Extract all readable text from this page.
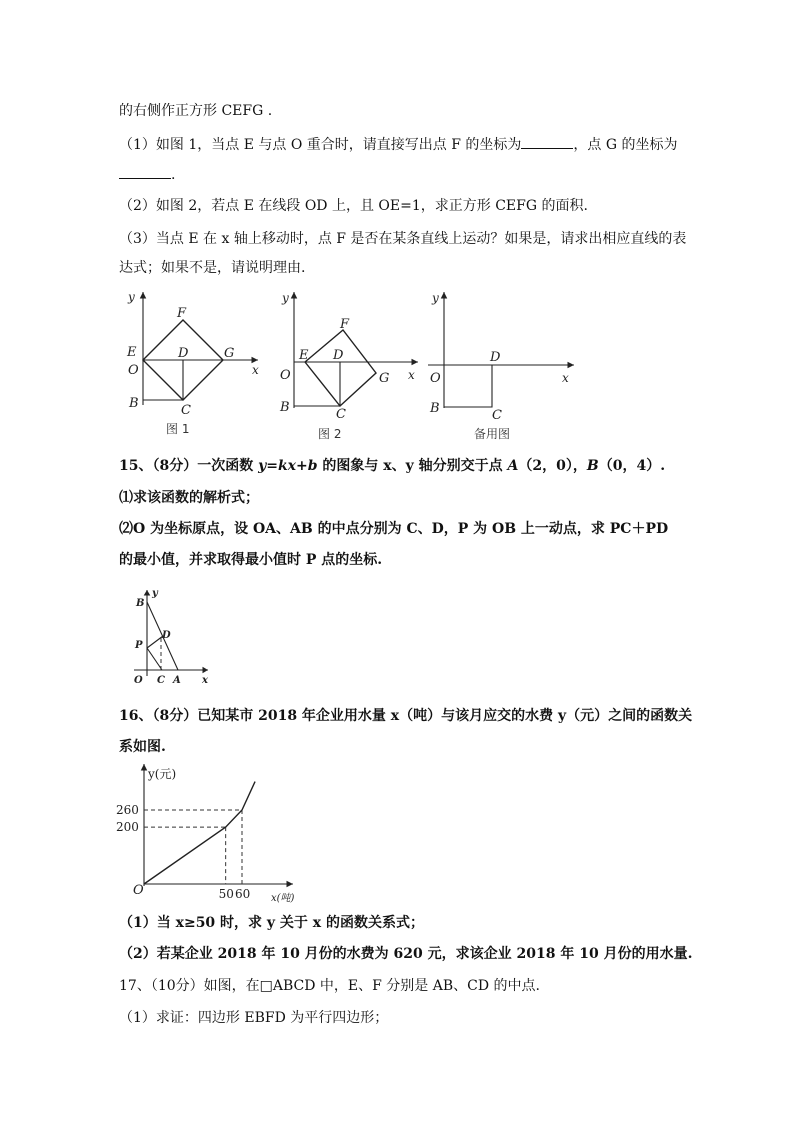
的右侧作正方形 CEFG .
（1）如图 1，当点 E 与点 O 重合时，请直接写出点 F 的坐标为	，点 G 的坐标为
.
（2）如图 2，若点 E 在线段 OD 上，且 OE=1，求正方形 CEFG 的面积.
（3）当点 E 在 x 轴上移动时，点 F 是否在某条直线上运动？如果是，请求出相应直线的表
达式；如果不是，请说明理由.
y
x
E
O
F
D	G
B	C
图 1
y
x
E
O
F
D
G
B	C
图 2
y
x
O
D
B	C
备用图
15、（8分）一次函数 y=kx+b 的图象与 x、y 轴分别交于点 A（2，0），B（0，4）.
⑴求该函数的解析式；
⑵O 为坐标原点，设 OA、AB 的中点分别为 C、D，P 为 OB 上一动点，求 PC＋PD
的最小值，并求取得最小值时 P 点的坐标.
B
y
P
D
O C A x
16、（8分）已知某市 2018 年企业用水量 x（吨）与该月应交的水费 y（元）之间的函数关
系如图.
260
200
50 60
y(元)
x(吨)
O
（1）当 x≥50 时，求 y 关于 x 的函数关系式；
（2）若某企业 2018 年 10 月份的水费为 620 元，求该企业 2018 年 10 月份的用水量.
17、（10分）如图，在□ABCD 中，E、F 分别是 AB、CD 的中点.
（1）求证：四边形 EBFD 为平行四边形；
